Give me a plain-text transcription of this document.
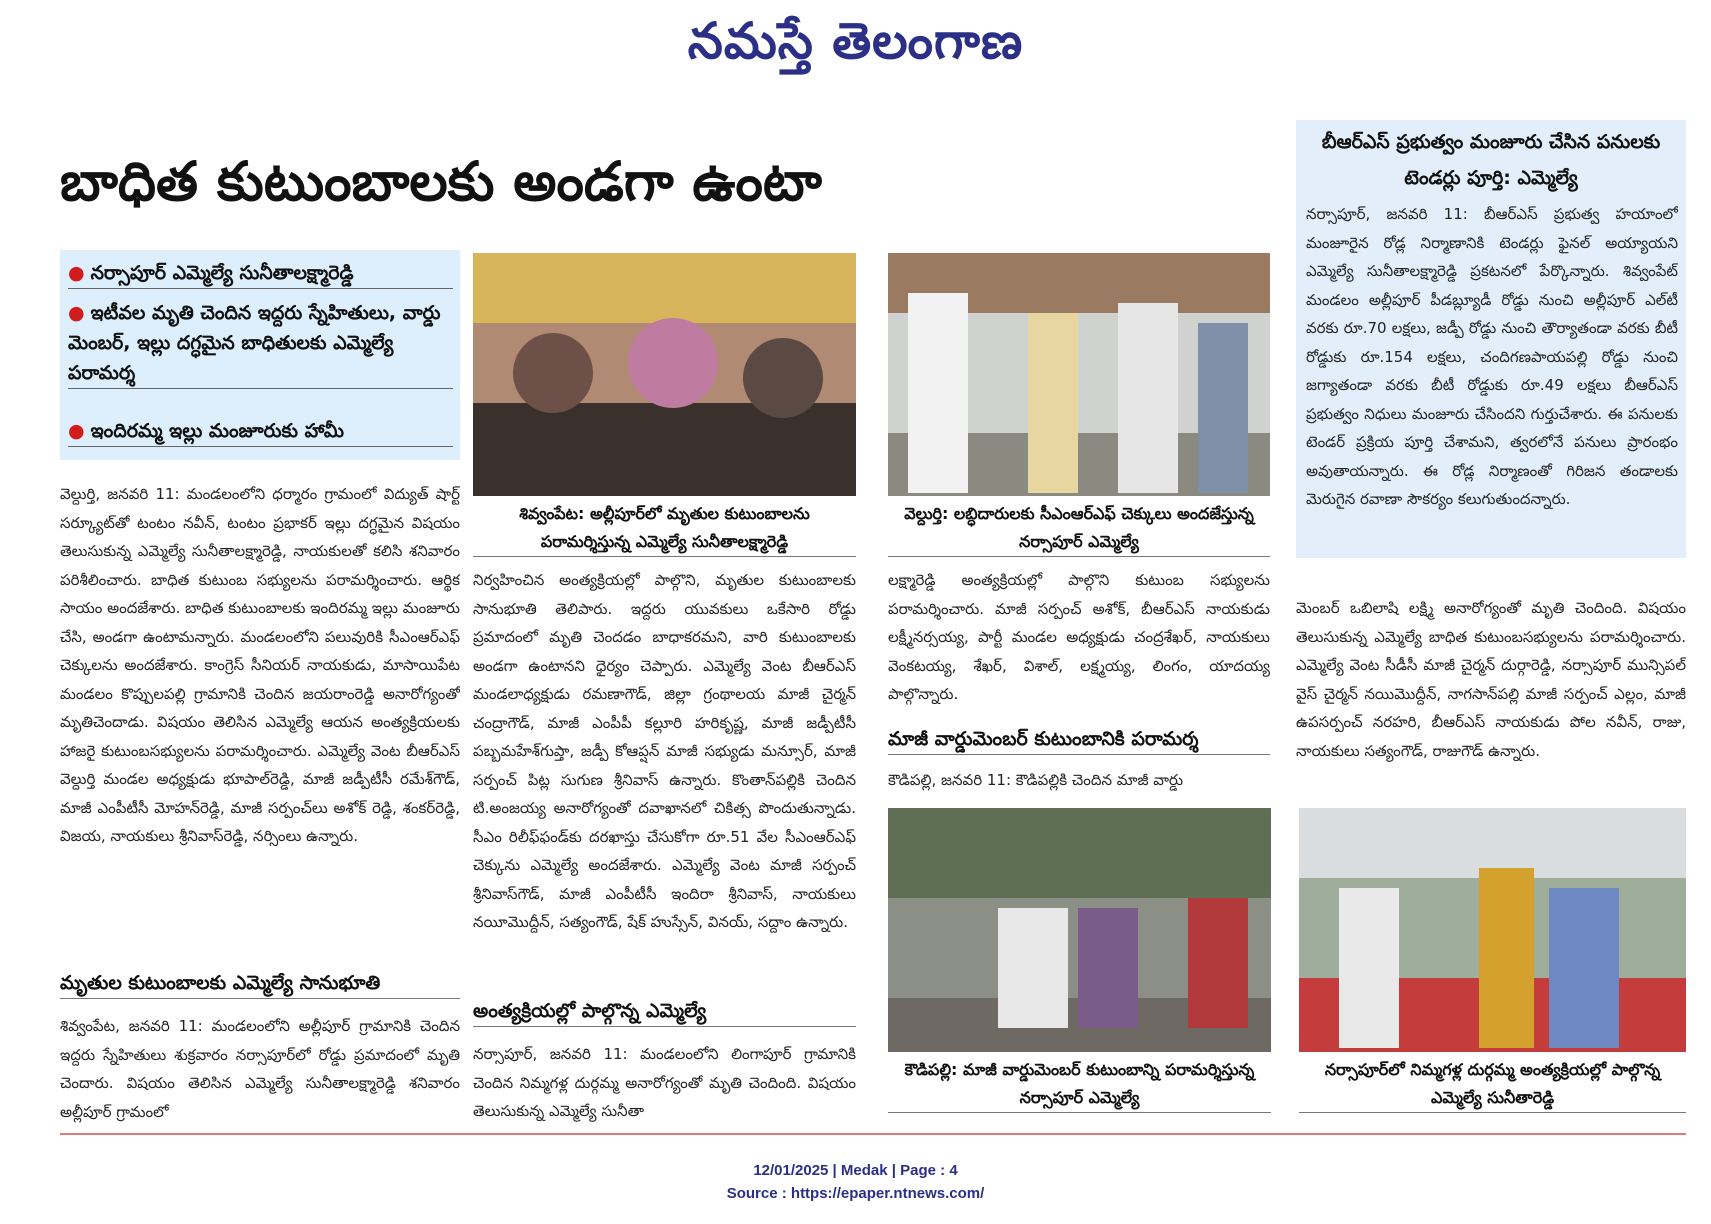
నమస్తే తెలంగాణ
బాధిత కుటుంబాలకు అండగా ఉంటా
● నర్సాపూర్ ఎమ్మెల్యే సునీతాలక్ష్మారెడ్డి
● ఇటీవల మృతి చెందిన ఇద్దరు స్నేహితులు, వార్డు మెంబర్, ఇల్లు దగ్ధమైన బాధితులకు ఎమ్మెల్యే పరామర్శ
● ఇందిరమ్మ ఇల్లు మంజూరుకు హామీ
వెల్దుర్తి, జనవరి 11: మండలంలోని ధర్మారం గ్రామంలో విద్యుత్ షార్ట్ సర్క్యూట్‌తో టంటం నవీన్, టంటం ప్రభాకర్ ఇల్లు దగ్ధమైన విషయం తెలుసుకున్న ఎమ్మెల్యే సునీతాలక్ష్మారెడ్డి, నాయకులతో కలిసి శనివారం పరిశీలించారు. బాధిత కుటుంబ సభ్యులను పరామర్శించారు. ఆర్థిక సాయం అందజేశారు. బాధిత కుటుంబాలకు ఇందిరమ్మ ఇల్లు మంజూరు చేసి, అండగా ఉంటామన్నారు. మండలంలోని పలువురికి సీఎంఆర్ఎఫ్ చెక్కులను అందజేశారు. కాంగ్రెస్ సీనియర్ నాయకుడు, మాసాయిపేట మండలం కొప్పులపల్లి గ్రామానికి చెందిన జయరాంరెడ్డి అనారోగ్యంతో మృతిచెందాడు. విషయం తెలిసిన ఎమ్మెల్యే ఆయన అంత్యక్రియలకు హాజరై కుటుంబసభ్యులను పరామర్శించారు. ఎమ్మెల్యే వెంట బీఆర్ఎస్ వెల్దుర్తి మండల అధ్యక్షుడు భూపాల్‌రెడ్డి, మాజీ జడ్పీటీసీ రమేశ్‌గౌడ్, మాజీ ఎంపీటీసీ మోహన్‌రెడ్డి, మాజీ సర్పంచ్‌లు అశోక్ రెడ్డి, శంకర్‌రెడ్డి, విజయ, నాయకులు శ్రీనివాస్‌రెడ్డి, నర్సింలు ఉన్నారు.
మృతుల కుటుంబాలకు ఎమ్మెల్యే సానుభూతి
శివ్వంపేట, జనవరి 11: మండలంలోని అల్లీపూర్ గ్రామానికి చెందిన ఇద్దరు స్నేహితులు శుక్రవారం నర్సాపూర్‌లో రోడ్డు ప్రమాదంలో మృతి చెందారు. విషయం తెలిసిన ఎమ్మెల్యే సునీతాలక్ష్మారెడ్డి శనివారం అల్లీపూర్ గ్రామంలో
శివ్వంపేట: అల్లీపూర్‌లో మృతుల కుటుంబాలను పరామర్శిస్తున్న ఎమ్మెల్యే సునీతాలక్ష్మారెడ్డి
నిర్వహించిన అంత్యక్రియల్లో పాల్గొని, మృతుల కుటుంబాలకు సానుభూతి తెలిపారు. ఇద్దరు యువకులు ఒకేసారి రోడ్డు ప్రమాదంలో మృతి చెందడం బాధాకరమని, వారి కుటుంబాలకు అండగా ఉంటానని ధైర్యం చెప్పారు. ఎమ్మెల్యే వెంట బీఆర్ఎస్ మండలాధ్యక్షుడు రమణాగౌడ్, జిల్లా గ్రంథాలయ మాజీ చైర్మన్ చంద్రాగౌడ్, మాజీ ఎంపీపీ కల్లూరి హరికృష్ణ, మాజీ జడ్పీటీసీ పబ్బమహేశ్‌గుప్తా, జడ్పీ కోఆప్షన్ మాజీ సభ్యుడు మన్సూర్, మాజీ సర్పంచ్ పిట్ల సుగుణ శ్రీనివాస్ ఉన్నారు. కొంతాన్‌పల్లికి చెందిన టి.అంజయ్య అనారోగ్యంతో దవాఖానలో చికిత్స పొందుతున్నాడు. సీఎం రిలీఫ్‌ఫండ్‌కు దరఖాస్తు చేసుకోగా రూ.51 వేల సీఎంఆర్ఎఫ్ చెక్కును ఎమ్మెల్యే అందజేశారు. ఎమ్మెల్యే వెంట మాజీ సర్పంచ్ శ్రీనివాస్‌గౌడ్, మాజీ ఎంపీటీసీ ఇందిరా శ్రీనివాస్, నాయకులు నయీమొద్దీన్, సత్యంగౌడ్, షేక్ హుస్సేన్, వినయ్, సద్దాం ఉన్నారు.
అంత్యక్రియల్లో పాల్గొన్న ఎమ్మెల్యే
నర్సాపూర్, జనవరి 11: మండలంలోని లింగాపూర్ గ్రామానికి చెందిన నిమ్మగళ్ల దుర్గమ్మ అనారోగ్యంతో మృతి చెందింది. విషయం తెలుసుకున్న ఎమ్మెల్యే సునీతా
వెల్దుర్తి: లబ్ధిదారులకు సీఎంఆర్ఎఫ్ చెక్కులు అందజేస్తున్న నర్సాపూర్ ఎమ్మెల్యే
లక్ష్మారెడ్డి అంత్యక్రియల్లో పాల్గొని కుటుంబ సభ్యులను పరామర్శించారు. మాజీ సర్పంచ్ అశోక్, బీఆర్ఎస్ నాయకుడు లక్ష్మీనర్సయ్య, పార్టీ మండల అధ్యక్షుడు చంద్రశేఖర్, నాయకులు వెంకటయ్య, శేఖర్, విశాల్, లక్ష్మయ్య, లింగం, యాదయ్య పాల్గొన్నారు.
మాజీ వార్డుమెంబర్ కుటుంబానికి పరామర్శ
కౌడిపల్లి, జనవరి 11: కౌడిపల్లికి చెందిన మాజీ వార్డు
కౌడిపల్లి: మాజీ వార్డుమెంబర్ కుటుంబాన్ని పరామర్శిస్తున్న నర్సాపూర్ ఎమ్మెల్యే
బీఆర్ఎస్ ప్రభుత్వం మంజూరు చేసిన పనులకు టెండర్లు పూర్తి: ఎమ్మెల్యే
నర్సాపూర్, జనవరి 11: బీఆర్ఎస్ ప్రభుత్వ హయాంలో మంజూరైన రోడ్ల నిర్మాణానికి టెండర్లు ఫైనల్ అయ్యాయని ఎమ్మెల్యే సునీతాలక్ష్మారెడ్డి ప్రకటనలో పేర్కొన్నారు. శివ్వంపేట్ మండలం అల్లీపూర్ పీడబ్ల్యూడీ రోడ్డు నుంచి అల్లీపూర్ ఎల్‌టీ వరకు రూ.70 లక్షలు, జడ్పీ రోడ్డు నుంచి తౌర్యాతండా వరకు బీటీ రోడ్డుకు రూ.154 లక్షలు, చందిగణపాయపల్లి రోడ్డు నుంచి జగ్యాతండా వరకు బీటీ రోడ్డుకు రూ.49 లక్షలు బీఆర్ఎస్ ప్రభుత్వం నిధులు మంజూరు చేసిందని గుర్తుచేశారు. ఈ పనులకు టెండర్ ప్రక్రియ పూర్తి చేశామని, త్వరలోనే పనులు ప్రారంభం అవుతాయన్నారు. ఈ రోడ్ల నిర్మాణంతో గిరిజన తండాలకు మెరుగైన రవాణా సౌకర్యం కలుగుతుందన్నారు.
మెంబర్ ఒబిలాషి లక్ష్మి అనారోగ్యంతో మృతి చెందింది. విషయం తెలుసుకున్న ఎమ్మెల్యే బాధిత కుటుంబసభ్యులను పరామర్శించారు. ఎమ్మెల్యే వెంట సీడీసీ మాజీ చైర్మన్ దుర్గారెడ్డి, నర్సాపూర్ మున్సిపల్ వైస్ చైర్మన్ నయిమొద్దీన్, నాగసాన్‌పల్లి మాజీ సర్పంచ్ ఎల్లం, మాజీ ఉపసర్పంచ్ నరహరి, బీఆర్ఎస్ నాయకుడు పోల నవీన్, రాజు, నాయకులు సత్యంగౌడ్, రాజుగౌడ్ ఉన్నారు.
నర్సాపూర్‌లో నిమ్మగళ్ల దుర్గమ్మ అంత్యక్రియల్లో పాల్గొన్న ఎమ్మెల్యే సునీతారెడ్డి
12/01/2025 | Medak | Page : 4
Source : https://epaper.ntnews.com/
